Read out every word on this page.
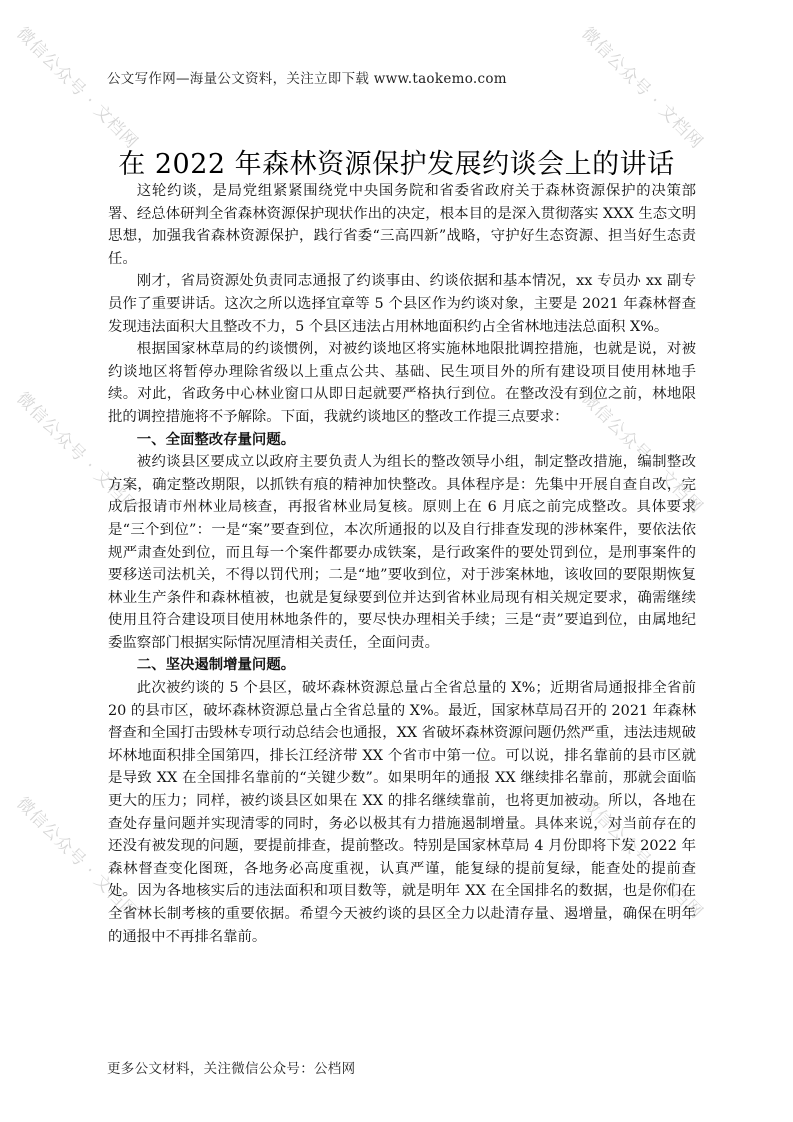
微信公众号 · 文档网	微信公众号 · 文档网
微信公众号 · 文档网	微信公众号 · 文档网
微信公众号 · 文档网	微信公众号 · 文档网
公文写作网—海量公文资料，关注立即下载 www.taokemo.com
在 2022 年森林资源保护发展约谈会上的讲话

这轮约谈，是局党组紧紧围绕党中央国务院和省委省政府关于森林资源保护的决策部署、经总体研判全省森林资源保护现状作出的决定，根本目的是深入贯彻落实 XXX 生态文明思想，加强我省森林资源保护，践行省委“三高四新”战略，守护好生态资源、担当好生态责任。

刚才，省局资源处负责同志通报了约谈事由、约谈依据和基本情况，xx 专员办 xx 副专员作了重要讲话。这次之所以选择宜章等 5 个县区作为约谈对象，主要是 2021 年森林督查发现违法面积大且整改不力，5 个县区违法占用林地面积约占全省林地违法总面积 X%。

根据国家林草局的约谈惯例，对被约谈地区将实施林地限批调控措施，也就是说，对被约谈地区将暂停办理除省级以上重点公共、基础、民生项目外的所有建设项目使用林地手续。对此，省政务中心林业窗口从即日起就要严格执行到位。在整改没有到位之前，林地限批的调控措施将不予解除。下面，我就约谈地区的整改工作提三点要求：

一、全面整改存量问题。

被约谈县区要成立以政府主要负责人为组长的整改领导小组，制定整改措施，编制整改方案，确定整改期限，以抓铁有痕的精神加快整改。具体程序是：先集中开展自查自改，完成后报请市州林业局核查，再报省林业局复核。原则上在 6 月底之前完成整改。具体要求是“三个到位”：一是“案”要查到位，本次所通报的以及自行排查发现的涉林案件，要依法依规严肃查处到位，而且每一个案件都要办成铁案，是行政案件的要处罚到位，是刑事案件的要移送司法机关，不得以罚代刑；二是“地”要收到位，对于涉案林地，该收回的要限期恢复林业生产条件和森林植被，也就是复绿要到位并达到省林业局现有相关规定要求，确需继续使用且符合建设项目使用林地条件的，要尽快办理相关手续；三是“责”要追到位，由属地纪委监察部门根据实际情况厘清相关责任，全面问责。

二、坚决遏制增量问题。

此次被约谈的 5 个县区，破坏森林资源总量占全省总量的 X%；近期省局通报排全省前 20 的县市区，破坏森林资源总量占全省总量的 X%。最近，国家林草局召开的 2021 年森林督查和全国打击毁林专项行动总结会也通报，XX 省破坏森林资源问题仍然严重，违法违规破坏林地面积排全国第四，排长江经济带 XX 个省市中第一位。可以说，排名靠前的县市区就是导致 XX 在全国排名靠前的“关键少数”。如果明年的通报 XX 继续排名靠前，那就会面临更大的压力；同样，被约谈县区如果在 XX 的排名继续靠前，也将更加被动。所以，各地在查处存量问题并实现清零的同时，务必以极其有力措施遏制增量。具体来说，对当前存在的还没有被发现的问题，要提前排查，提前整改。特别是国家林草局 4 月份即将下发 2022 年森林督查变化图斑，各地务必高度重视，认真严谨，能复绿的提前复绿，能查处的提前查处。因为各地核实后的违法面积和项目数等，就是明年 XX 在全国排名的数据，也是你们在全省林长制考核的重要依据。希望今天被约谈的县区全力以赴清存量、遏增量，确保在明年的通报中不再排名靠前。

更多公文材料，关注微信公众号：公档网
